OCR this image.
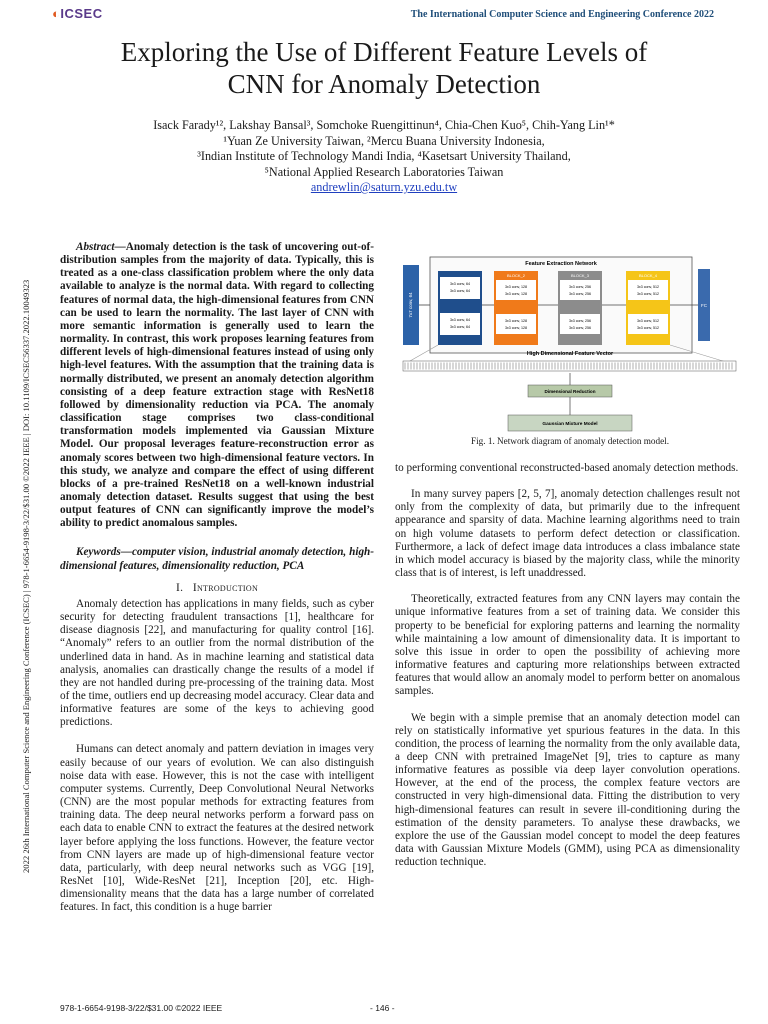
◐ICSEC	The International Computer Science and Engineering Conference 2022
Exploring the Use of Different Feature Levels of
CNN for Anomaly Detection
Isack Farady¹², Lakshay Bansal³, Somchoke Ruengittinun⁴, Chia-Chen Kuo⁵, Chih-Yang Lin¹*
¹Yuan Ze University Taiwan, ²Mercu Buana University Indonesia,
³Indian Institute of Technology Mandi India, ⁴Kasetsart University Thailand,
⁵National Applied Research Laboratories Taiwan
andrewlin@saturn.yzu.edu.tw
2022 26th International Computer Science and Engineering Conference (ICSEC) | 978-1-6654-9198-3/22/$31.00 ©2022 IEEE | DOI: 10.1109/ICSEC56337.2022.10049323

Abstract—Anomaly detection is the task of uncovering out-of-distribution samples from the majority of data. Typically, this is treated as a one-class classification problem where the only data available to analyze is the normal data. With regard to collecting features of normal data, the high-dimensional features from CNN can be used to learn the normality. The last layer of CNN with more semantic information is generally used to learn the normality. In contrast, this work proposes learning features from different levels of high-dimensional features instead of using only high-level features. With the assumption that the training data is normally distributed, we present an anomaly detection algorithm consisting of a deep feature extraction stage with ResNet18 followed by dimensionality reduction via PCA. The anomaly classification stage comprises two class-conditional transformation models implemented via Gaussian Mixture Model. Our proposal leverages feature-reconstruction error as anomaly scores between two high-dimensional feature vectors. In this study, we analyze and compare the effect of using different blocks of a pre-trained ResNet18 on a well-known industrial anomaly detection dataset. Results suggest that using the best output features of CNN can significantly improve the model’s ability to predict anomalous samples.

Keywords—computer vision, industrial anomaly detection, high-dimensional features, dimensionality reduction, PCA

I. Introduction

Anomaly detection has applications in many fields, such as cyber security for detecting fraudulent transactions [1], healthcare for disease diagnosis [22], and manufacturing for quality control [16]. “Anomaly” refers to an outlier from the normal distribution of the underlined data in hand. As in machine learning and statistical data analysis, anomalies can drastically change the results of a model if they are not handled during pre-processing of the training data. Most of the time, outliers end up decreasing model accuracy. Clear data and informative features are some of the keys to achieving good predictions.

Humans can detect anomaly and pattern deviation in images very easily because of our years of evolution. We can also distinguish noise data with ease. However, this is not the case with intelligent computer systems. Currently, Deep Convolutional Neural Networks (CNN) are the most popular methods for extracting features from training data. The deep neural networks perform a forward pass on each data to enable CNN to extract the features at the desired network layer before applying the loss functions. However, the feature vector from CNN layers are made up of high-dimensional feature vector data, particularly, with deep neural networks such as VGG [19], ResNet [10], Wide-ResNet [21], Inception [20], etc. High-dimensionality means that the data has a large number of correlated features. In fact, this condition is a huge barrier

Feature Extraction Network
7x7 conv, 64
3x3 conv, 64
3x3 conv, 64
3x3 conv, 64
3x3 conv, 64
BLOCK_2
3x3 conv, 128
3x3 conv, 128
3x3 conv, 128
3x3 conv, 128
BLOCK_3
3x3 conv, 256
3x3 conv, 256
3x3 conv, 256
3x3 conv, 256
BLOCK_4
3x3 conv, 512
3x3 conv, 512
3x3 conv, 512
3x3 conv, 512
FC
High Dimensional Feature Vector
Dimensional Reduction
Gaussian Mixture Model
Fig. 1. Network diagram of anomaly detection model.

to performing conventional reconstructed-based anomaly detection methods.

In many survey papers [2, 5, 7], anomaly detection challenges result not only from the complexity of data, but primarily due to the infrequent appearance and sparsity of data. Machine learning algorithms need to train on high volume datasets to perform defect detection or classification. Furthermore, a lack of defect image data introduces a class imbalance state in which model accuracy is biased by the majority class, while the minority class that is of interest, is left unaddressed.

Theoretically, extracted features from any CNN layers may contain the unique informative features from a set of training data. We consider this property to be beneficial for exploring patterns and learning the normality while maintaining a low amount of dimensionality data. It is important to solve this issue in order to open the possibility of achieving more informative features and capturing more relationships between extracted features that would allow an anomaly model to perform better on anomalous samples.

We begin with a simple premise that an anomaly detection model can rely on statistically informative yet spurious features in the data. In this condition, the process of learning the normality from the only available data, a deep CNN with pretrained ImageNet [9], tries to capture as many informative features as possible via deep layer convolution operations. However, at the end of the process, the complex feature vectors are constructed in very high-dimensional data. Fitting the distribution to very high-dimensional features can result in severe ill-conditioning during the estimation of the density parameters. To analyse these drawbacks, we explore the use of the Gaussian model concept to model the deep features data with Gaussian Mixture Models (GMM), using PCA as dimensionality reduction technique.

978-1-6654-9198-3/22/$31.00 ©2022 IEEE	- 146 -
